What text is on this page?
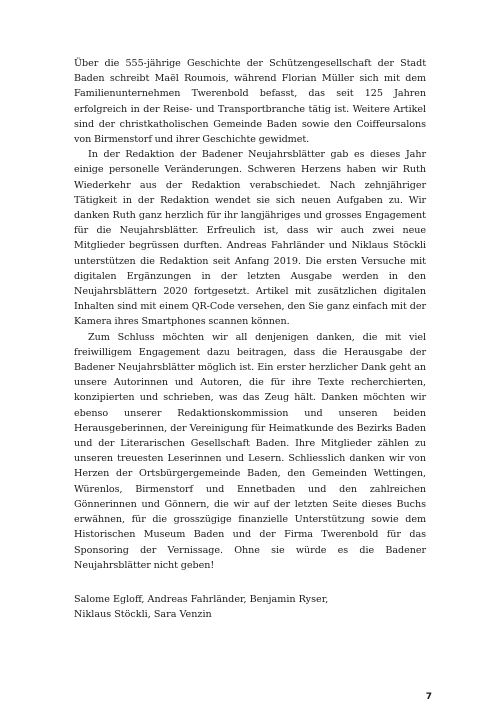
Über die 555-jährige Geschichte der Schützengesellschaft der Stadt Baden schreibt Maël Roumois, während Florian Müller sich mit dem Familienunternehmen Twerenbold befasst, das seit 125 Jahren erfolgreich in der Reise- und Transportbranche tätig ist. Weitere Artikel sind der christkatholischen Gemeinde Baden sowie den Coiffeursalons von Birmenstorf und ihrer Geschichte gewidmet.

In der Redaktion der Badener Neujahrsblätter gab es dieses Jahr einige personelle Veränderungen. Schweren Herzens haben wir Ruth Wiederkehr aus der Redaktion verabschiedet. Nach zehnjähriger Tätigkeit in der Redaktion wendet sie sich neuen Aufgaben zu. Wir danken Ruth ganz herzlich für ihr langjähriges und grosses Engagement für die Neujahrsblätter. Erfreulich ist, dass wir auch zwei neue Mitglieder begrüssen durften. Andreas Fahrländer und Niklaus Stöckli unterstützen die Redaktion seit Anfang 2019. Die ersten Versuche mit digitalen Ergänzungen in der letzten Ausgabe werden in den Neujahrsblättern 2020 fortgesetzt. Artikel mit zusätzlichen digitalen Inhalten sind mit einem QR-Code versehen, den Sie ganz einfach mit der Kamera ihres Smartphones scannen können.

Zum Schluss möchten wir all denjenigen danken, die mit viel freiwilligem Engagement dazu beitragen, dass die Herausgabe der Badener Neujahrsblätter möglich ist. Ein erster herzlicher Dank geht an unsere Autorinnen und Autoren, die für ihre Texte recherchierten, konzipierten und schrieben, was das Zeug hält. Danken möchten wir ebenso unserer Redaktionskommission und unseren beiden Herausgeberinnen, der Vereinigung für Heimatkunde des Bezirks Baden und der Literarischen Gesellschaft Baden. Ihre Mitglieder zählen zu unseren treuesten Leserinnen und Lesern. Schliesslich danken wir von Herzen der Ortsbürgergemeinde Baden, den Gemeinden Wettingen, Würenlos, Birmenstorf und Ennetbaden und den zahlreichen Gönnerinnen und Gönnern, die wir auf der letzten Seite dieses Buchs erwähnen, für die grosszügige finanzielle Unterstützung sowie dem Historischen Museum Baden und der Firma Twerenbold für das Sponsoring der Vernissage. Ohne sie würde es die Badener Neujahrsblätter nicht geben!

Salome Egloff, Andreas Fahrländer, Benjamin Ryser,
Niklaus Stöckli, Sara Venzin
7
